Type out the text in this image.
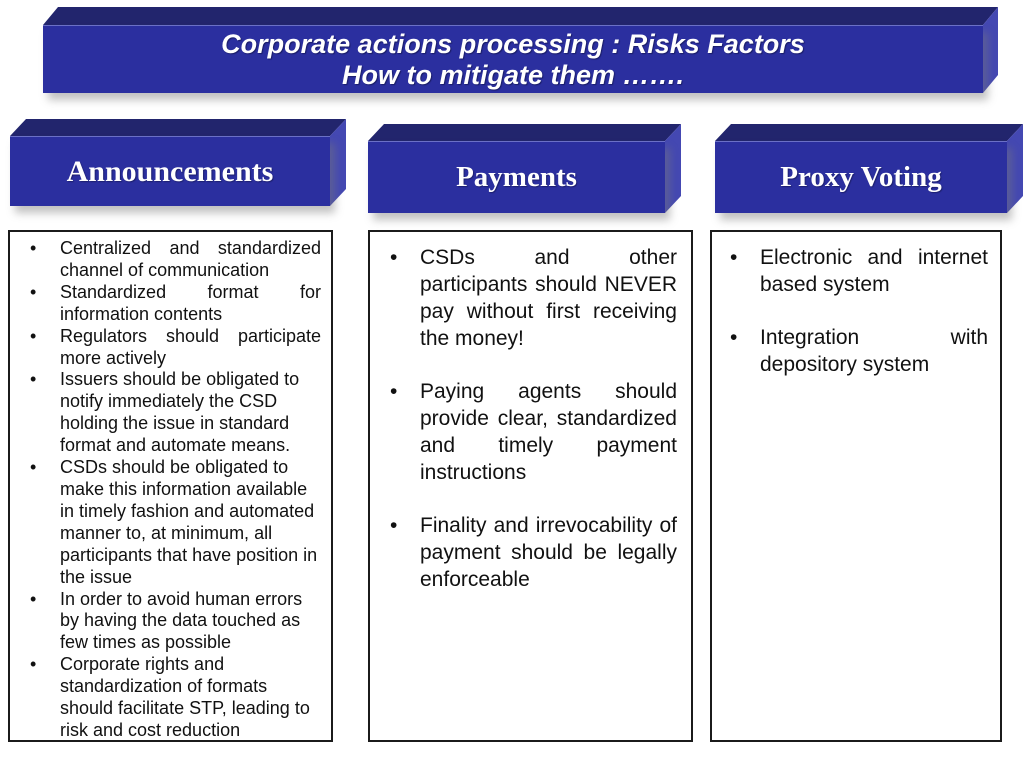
Corporate actions processing : Risks Factors
How to mitigate them …….
Announcements	Payments	Proxy Voting
• Centralized and standardized channel of communication
• Standardized format for information contents
• Regulators should participate more actively
• Issuers should be obligated to notify immediately the CSD holding the issue in standard format and automate means.
• CSDs should be obligated to make this information available in timely fashion and automated manner to, at minimum, all participants that have position in the issue
• In order to avoid human errors by having the data touched as few times as possible
• Corporate rights and standardization of formats should facilitate STP, leading to risk and cost reduction
• CSDs and other participants should NEVER pay without first receiving the money!
• Paying agents should provide clear, standardized and timely payment instructions
• Finality and irrevocability of payment should be legally enforceable
• Electronic and internet based system
• Integration with depository system
